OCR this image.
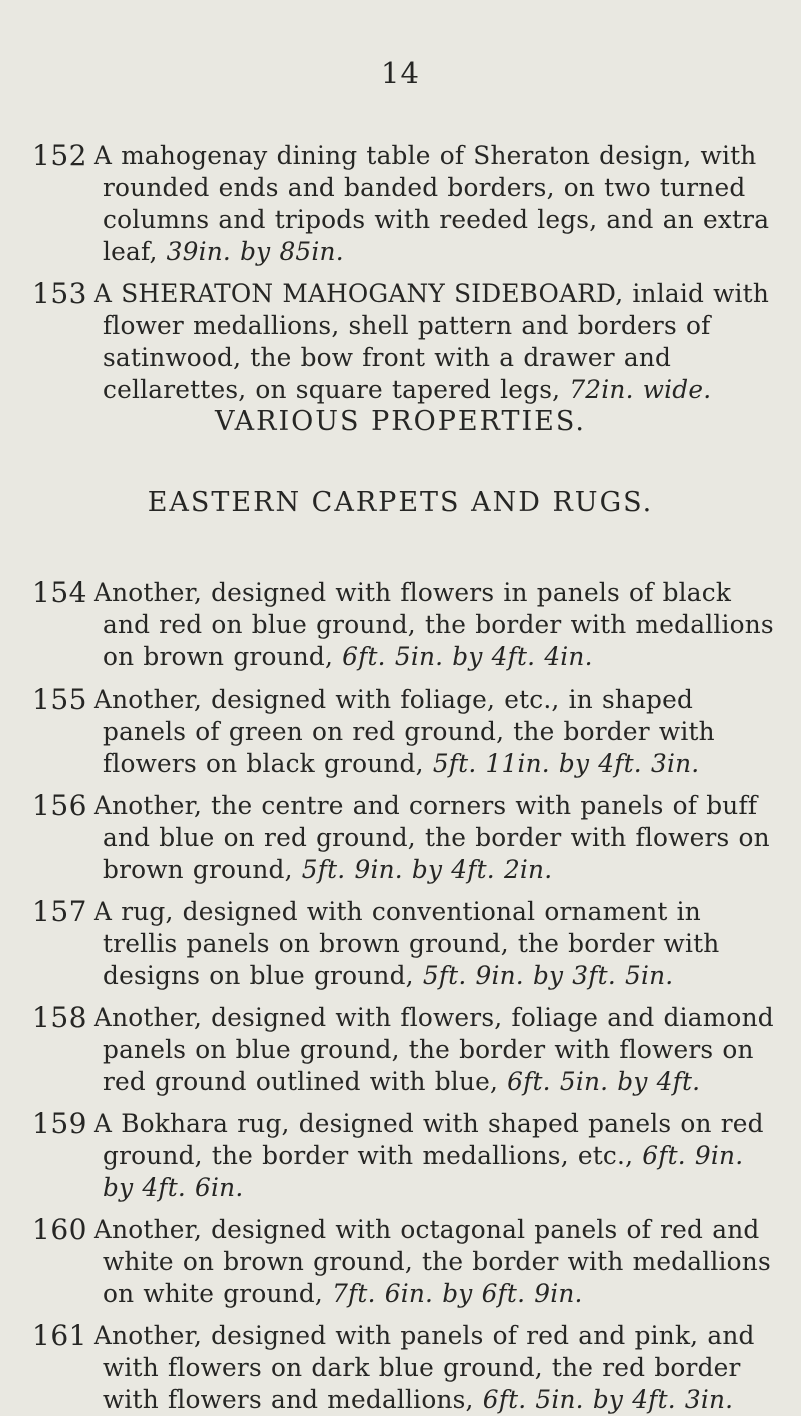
14
152 A mahogenay dining table of Sheraton design, with rounded ends and banded borders, on two turned columns and tripods with reeded legs, and an extra leaf, 39in. by 85in.
153 A SHERATON MAHOGANY SIDEBOARD, inlaid with flower medallions, shell pattern and borders of satinwood, the bow front with a drawer and cellarettes, on square tapered legs, 72in. wide.
VARIOUS PROPERTIES.
EASTERN CARPETS AND RUGS.
154 Another, designed with flowers in panels of black and red on blue ground, the border with medallions on brown ground, 6ft. 5in. by 4ft. 4in.
155 Another, designed with foliage, etc., in shaped panels of green on red ground, the border with flowers on black ground, 5ft. 11in. by 4ft. 3in.
156 Another, the centre and corners with panels of buff and blue on red ground, the border with flowers on brown ground, 5ft. 9in. by 4ft. 2in.
157 A rug, designed with conventional ornament in trellis panels on brown ground, the border with designs on blue ground, 5ft. 9in. by 3ft. 5in.
158 Another, designed with flowers, foliage and diamond panels on blue ground, the border with flowers on red ground outlined with blue, 6ft. 5in. by 4ft.
159 A Bokhara rug, designed with shaped panels on red ground, the border with medallions, etc., 6ft. 9in. by 4ft. 6in.
160 Another, designed with octagonal panels of red and white on brown ground, the border with medallions on white ground, 7ft. 6in. by 6ft. 9in.
161 Another, designed with panels of red and pink, and with flowers on dark blue ground, the red border with flowers and medallions, 6ft. 5in. by 4ft. 3in.
